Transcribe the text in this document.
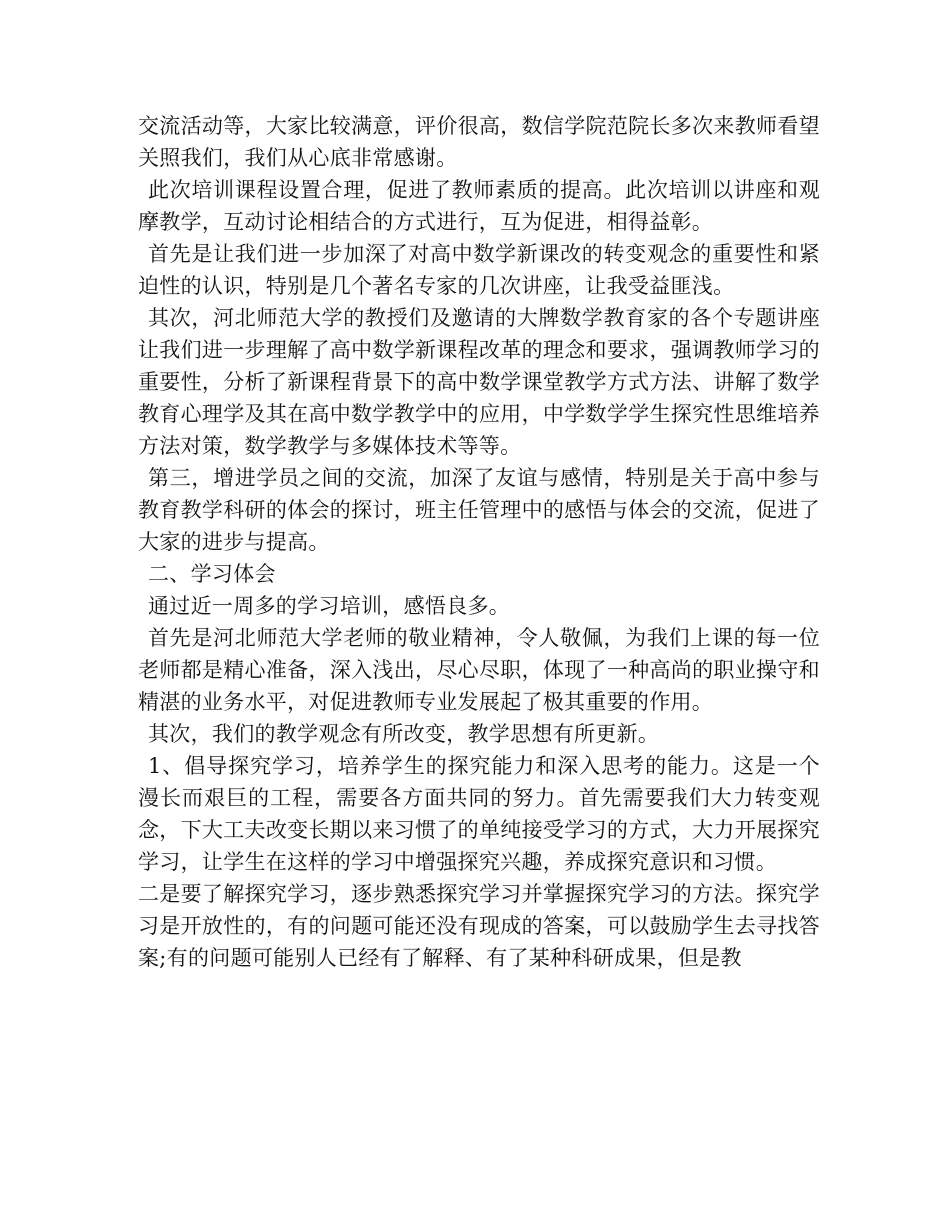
交流活动等，大家比较满意，评价很高，数信学院范院长多次来教师看望关照我们，我们从心底非常感谢。

此次培训课程设置合理，促进了教师素质的提高。此次培训以讲座和观摩教学，互动讨论相结合的方式进行，互为促进，相得益彰。

首先是让我们进一步加深了对高中数学新课改的转变观念的重要性和紧迫性的认识，特别是几个著名专家的几次讲座，让我受益匪浅。

其次，河北师范大学的教授们及邀请的大牌数学教育家的各个专题讲座让我们进一步理解了高中数学新课程改革的理念和要求，强调教师学习的重要性，分析了新课程背景下的高中数学课堂教学方式方法、讲解了数学教育心理学及其在高中数学教学中的应用，中学数学学生探究性思维培养方法对策，数学教学与多媒体技术等等。

第三，增进学员之间的交流，加深了友谊与感情，特别是关于高中参与教育教学科研的体会的探讨，班主任管理中的感悟与体会的交流，促进了大家的进步与提高。

二、学习体会

通过近一周多的学习培训，感悟良多。

首先是河北师范大学老师的敬业精神，令人敬佩，为我们上课的每一位老师都是精心准备，深入浅出，尽心尽职，体现了一种高尚的职业操守和精湛的业务水平，对促进教师专业发展起了极其重要的作用。

其次，我们的教学观念有所改变，教学思想有所更新。

1、倡导探究学习，培养学生的探究能力和深入思考的能力。这是一个漫长而艰巨的工程，需要各方面共同的努力。首先需要我们大力转变观念，下大工夫改变长期以来习惯了的单纯接受学习的方式，大力开展探究学习，让学生在这样的学习中增强探究兴趣，养成探究意识和习惯。

二是要了解探究学习，逐步熟悉探究学习并掌握探究学习的方法。探究学习是开放性的，有的问题可能还没有现成的答案，可以鼓励学生去寻找答案;有的问题可能别人已经有了解释、有了某种科研成果，但是教
